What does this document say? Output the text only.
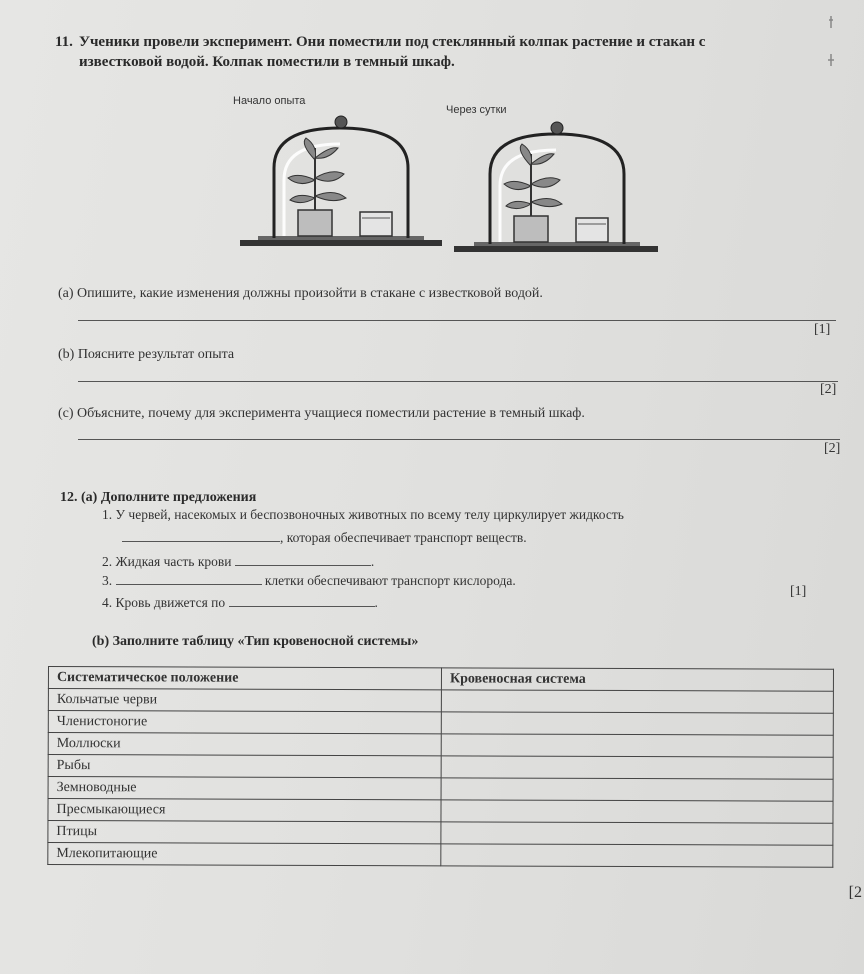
11. Ученики провели эксперимент. Они поместили под стеклянный колпак растение и стакан с
известковой водой. Колпак поместили в темный шкаф.
Начало опыта
Через сутки
(a) Опишите, какие изменения должны произойти в стакане с известковой водой.
[1]
(b) Поясните результат опыта
[2]
(c) Объясните, почему для эксперимента учащиеся поместили растение в темный шкаф.
[2]
12. (a) Дополните предложения
1. У червей, насекомых и беспозвоночных животных по всему телу циркулирует жидкость
, которая обеспечивает транспорт веществ.
2. Жидкая часть крови	.
3.	клетки обеспечивают транспорт кислорода.
4. Кровь движется по	.
[1]
(b) Заполните таблицу «Тип кровеносной системы»
Систематическое положение	Кровеносная система
Кольчатые черви	
Членистоногие	
Моллюски	
Рыбы	
Земноводные	
Пресмыкающиеся	
Птицы	
Млекопитающие	
[2
